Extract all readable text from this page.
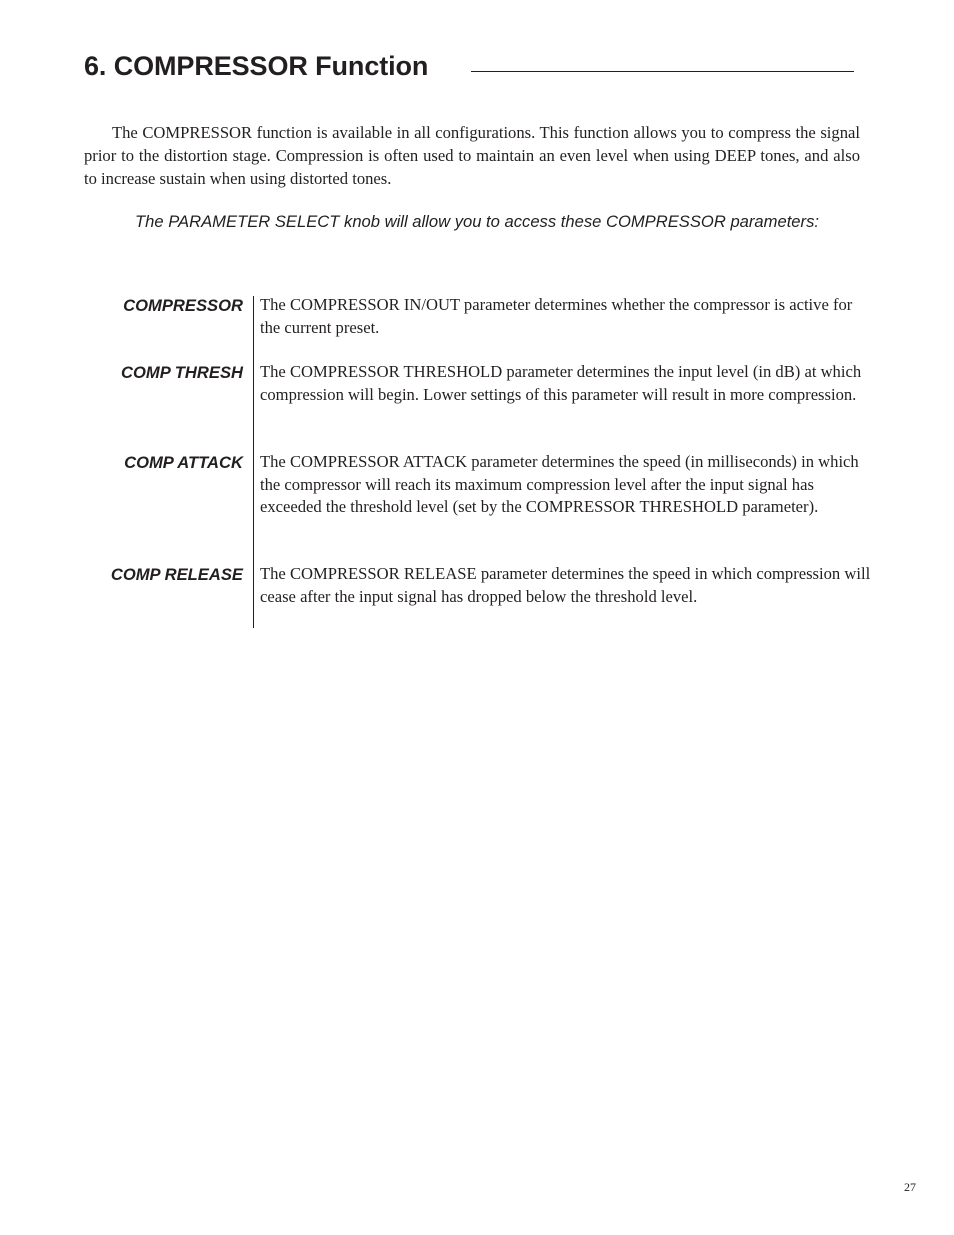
6. COMPRESSOR Function

The COMPRESSOR function is available in all configurations. This function allows you to compress the signal prior to the distortion stage. Compression is often used to maintain an even level when using DEEP tones, and also to increase sustain when using distorted tones.

The PARAMETER SELECT knob will allow you to access these COMPRESSOR parameters:

COMPRESSOR The COMPRESSOR IN/OUT parameter determines whether the compressor is active for the current preset.

COMP THRESH The COMPRESSOR THRESHOLD parameter determines the input level (in dB) at which compression will begin. Lower settings of this parameter will result in more compression.

COMP ATTACK The COMPRESSOR ATTACK parameter determines the speed (in milliseconds) in which the compressor will reach its maximum compression level after the input signal has exceeded the threshold level (set by the COMPRESSOR THRESHOLD parameter).

COMP RELEASE The COMPRESSOR RELEASE parameter determines the speed in which compression will cease after the input signal has dropped below the threshold level.

27
